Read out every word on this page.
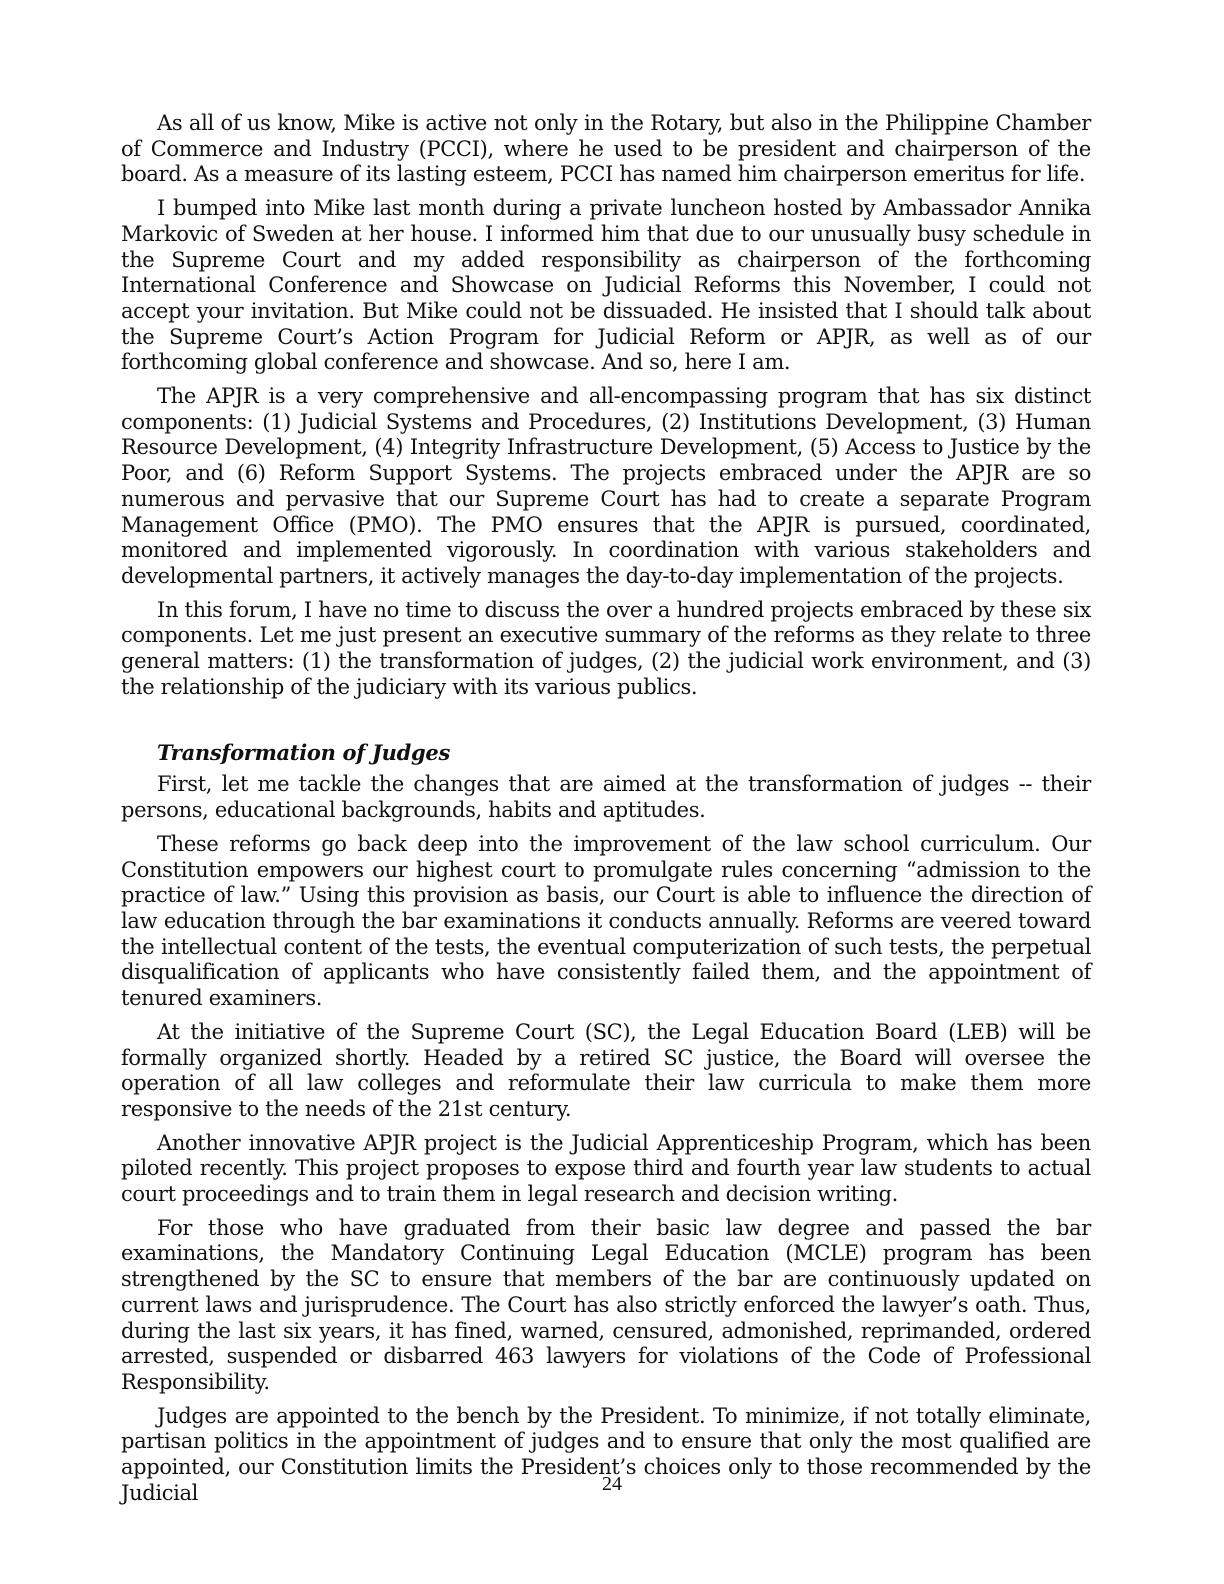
As all of us know, Mike is active not only in the Rotary, but also in the Philippine Chamber of Commerce and Industry (PCCI), where he used to be president and chairperson of the board. As a measure of its lasting esteem, PCCI has named him chairperson emeritus for life.

I bumped into Mike last month during a private luncheon hosted by Ambassador Annika Markovic of Sweden at her house. I informed him that due to our unusually busy schedule in the Supreme Court and my added responsibility as chairperson of the forthcoming International Conference and Showcase on Judicial Reforms this November, I could not accept your invitation. But Mike could not be dissuaded. He insisted that I should talk about the Supreme Court’s Action Program for Judicial Reform or APJR, as well as of our forthcoming global conference and showcase. And so, here I am.

The APJR is a very comprehensive and all-encompassing program that has six distinct components: (1) Judicial Systems and Procedures, (2) Institutions Development, (3) Human Resource Development, (4) Integrity Infrastructure Development, (5) Access to Justice by the Poor, and (6) Reform Support Systems. The projects embraced under the APJR are so numerous and pervasive that our Supreme Court has had to create a separate Program Management Office (PMO). The PMO ensures that the APJR is pursued, coordinated, monitored and implemented vigorously. In coordination with various stakeholders and developmental partners, it actively manages the day-to-day implementation of the projects.

In this forum, I have no time to discuss the over a hundred projects embraced by these six components. Let me just present an executive summary of the reforms as they relate to three general matters: (1) the transformation of judges, (2) the judicial work environment, and (3) the relationship of the judiciary with its various publics.

Transformation of Judges

First, let me tackle the changes that are aimed at the transformation of judges -- their persons, educational backgrounds, habits and aptitudes.

These reforms go back deep into the improvement of the law school curriculum. Our Constitution empowers our highest court to promulgate rules concerning “admission to the practice of law.” Using this provision as basis, our Court is able to influence the direction of law education through the bar examinations it conducts annually. Reforms are veered toward the intellectual content of the tests, the eventual computerization of such tests, the perpetual disqualification of applicants who have consistently failed them, and the appointment of tenured examiners.

At the initiative of the Supreme Court (SC), the Legal Education Board (LEB) will be formally organized shortly. Headed by a retired SC justice, the Board will oversee the operation of all law colleges and reformulate their law curricula to make them more responsive to the needs of the 21st century.

Another innovative APJR project is the Judicial Apprenticeship Program, which has been piloted recently. This project proposes to expose third and fourth year law students to actual court proceedings and to train them in legal research and decision writing.

For those who have graduated from their basic law degree and passed the bar examinations, the Mandatory Continuing Legal Education (MCLE) program has been strengthened by the SC to ensure that members of the bar are continuously updated on current laws and jurisprudence. The Court has also strictly enforced the lawyer’s oath. Thus, during the last six years, it has fined, warned, censured, admonished, reprimanded, ordered arrested, suspended or disbarred 463 lawyers for violations of the Code of Professional Responsibility.

Judges are appointed to the bench by the President. To minimize, if not totally eliminate, partisan politics in the appointment of judges and to ensure that only the most qualified are appointed, our Constitution limits the President’s choices only to those recommended by the Judicial	24
